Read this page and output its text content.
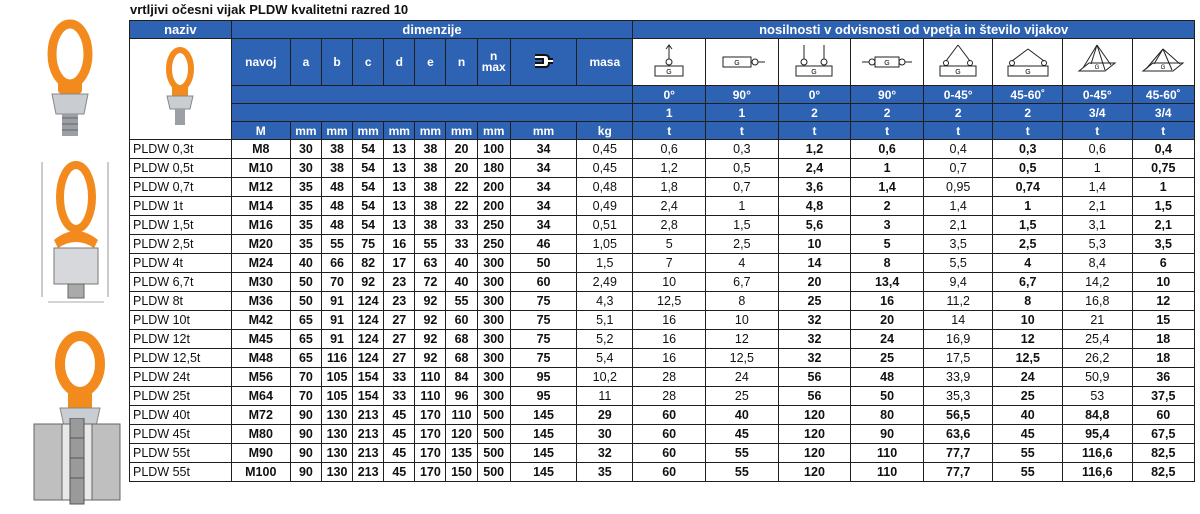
vrtljivi očesni vijak PLDW kvalitetni razred 10
naziv	dimenzije										nosilnosti v odvisnosti od vpetja in število vijakov							
	navoj	a	b	c	d	e	n	n max		masa	G	G	G	G	G	G	G	G

											0°	90°	0°	90°	0-45°	45-60˚	0-45°	45-60˚
											1	1	2	2	2	2	3/4	3/4
	M	mm	mm	mm	mm	mm	mm	mm	mm	kg	t	t	t	t	t	t	t	t
PLDW 0,3t	M8	30	38	54	13	38	20	100	34	0,45	0,6	0,3	1,2	0,6	0,4	0,3	0,6	0,4
PLDW 0,5t	M10	30	38	54	13	38	20	180	34	0,45	1,2	0,5	2,4	1	0,7	0,5	1	0,75
PLDW 0,7t	M12	35	48	54	13	38	22	200	34	0,48	1,8	0,7	3,6	1,4	0,95	0,74	1,4	1
PLDW 1t	M14	35	48	54	13	38	22	200	34	0,49	2,4	1	4,8	2	1,4	1	2,1	1,5
PLDW 1,5t	M16	35	48	54	13	38	33	250	34	0,51	2,8	1,5	5,6	3	2,1	1,5	3,1	2,1
PLDW 2,5t	M20	35	55	75	16	55	33	250	46	1,05	5	2,5	10	5	3,5	2,5	5,3	3,5
PLDW 4t	M24	40	66	82	17	63	40	300	50	1,5	7	4	14	8	5,5	4	8,4	6
PLDW 6,7t	M30	50	70	92	23	72	40	300	60	2,49	10	6,7	20	13,4	9,4	6,7	14,2	10
PLDW 8t	M36	50	91	124	23	92	55	300	75	4,3	12,5	8	25	16	11,2	8	16,8	12
PLDW 10t	M42	65	91	124	27	92	60	300	75	5,1	16	10	32	20	14	10	21	15
PLDW 12t	M45	65	91	124	27	92	68	300	75	5,2	16	12	32	24	16,9	12	25,4	18
PLDW 12,5t	M48	65	116	124	27	92	68	300	75	5,4	16	12,5	32	25	17,5	12,5	26,2	18
PLDW 24t	M56	70	105	154	33	110	84	300	95	10,2	28	24	56	48	33,9	24	50,9	36
PLDW 25t	M64	70	105	154	33	110	96	300	95	11	28	25	56	50	35,3	25	53	37,5
PLDW 40t	M72	90	130	213	45	170	110	500	145	29	60	40	120	80	56,5	40	84,8	60
PLDW 45t	M80	90	130	213	45	170	120	500	145	30	60	45	120	90	63,6	45	95,4	67,5
PLDW 55t	M90	90	130	213	45	170	135	500	145	32	60	55	120	110	77,7	55	116,6	82,5
PLDW 55t	M100	90	130	213	45	170	150	500	145	35	60	55	120	110	77,7	55	116,6	82,5
